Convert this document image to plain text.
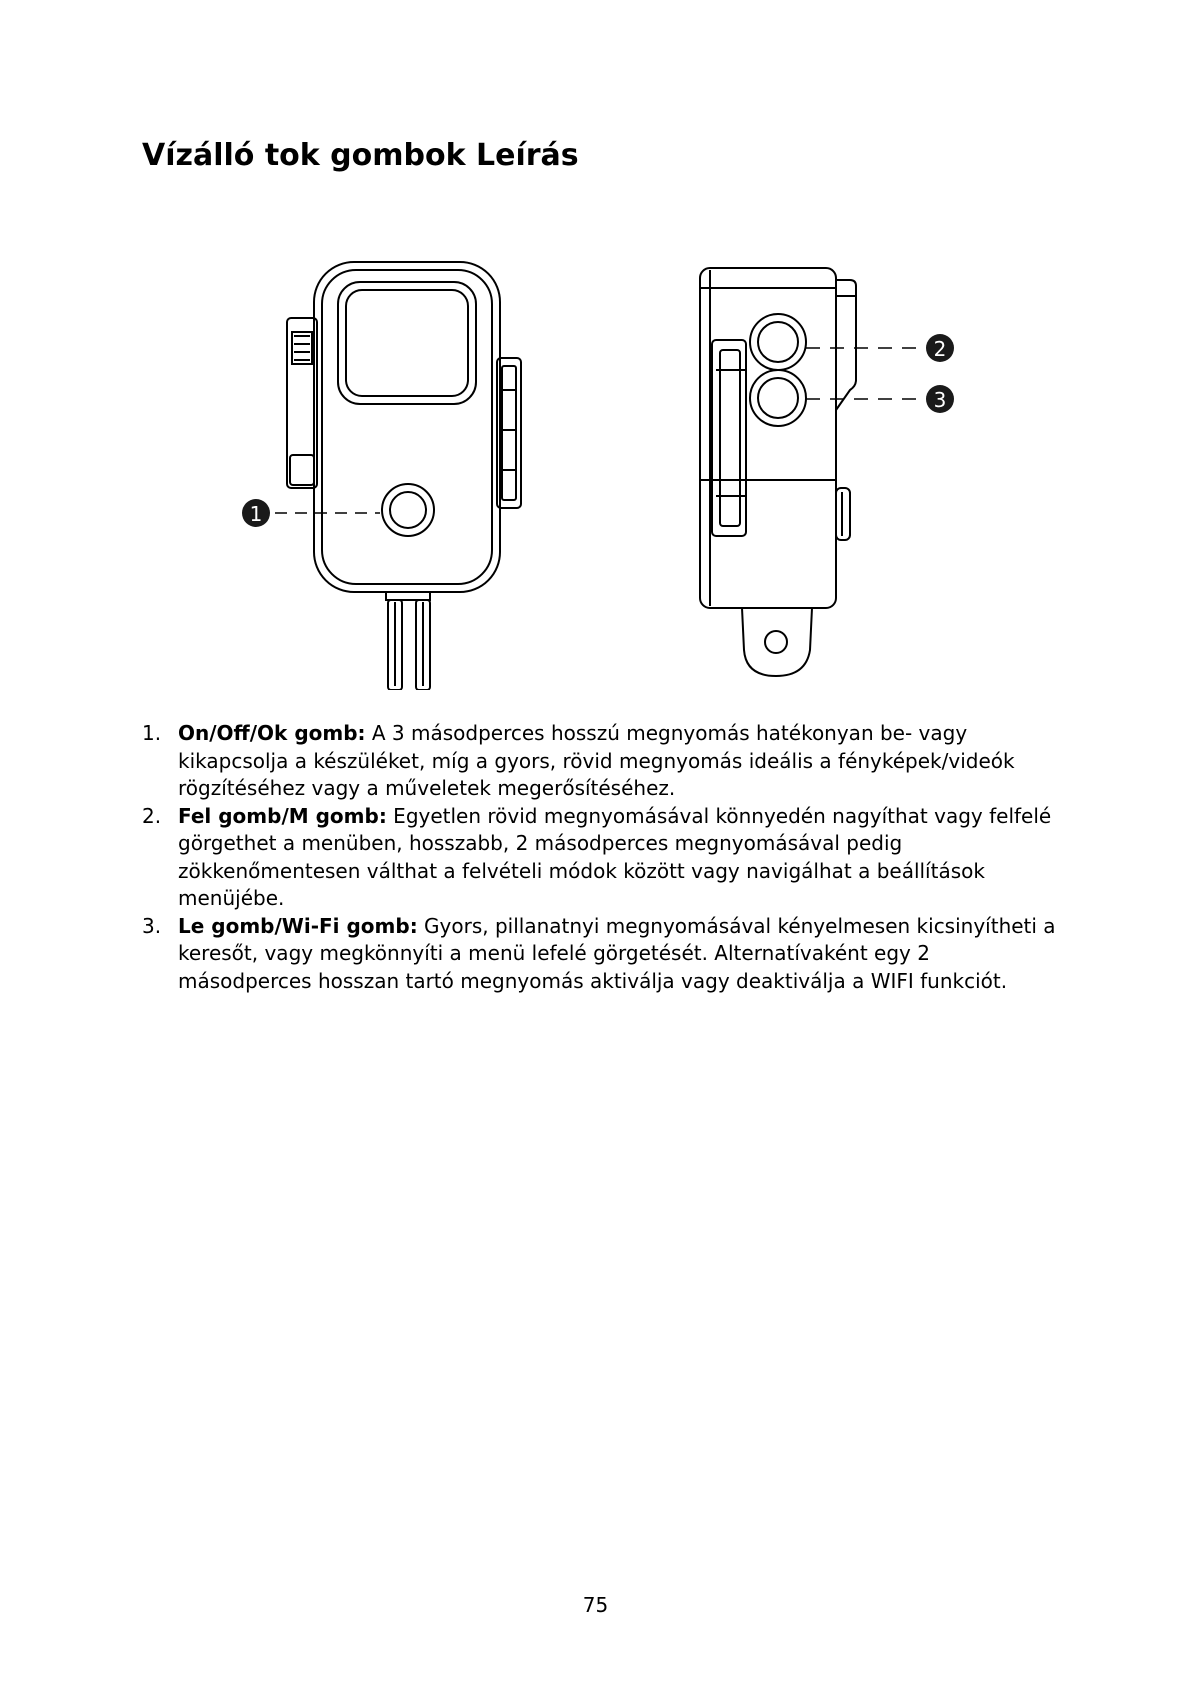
Vízálló tok gombok Leírás
1
2
3
1. On/Off/Ok gomb: A 3 másodperces hosszú megnyomás hatékonyan be- vagy kikapcsolja a készüléket, míg a gyors, rövid megnyomás ideális a fényképek/videók rögzítéséhez vagy a műveletek megerősítéséhez.
2. Fel gomb/M gomb: Egyetlen rövid megnyomásával könnyedén nagyíthat vagy felfelé görgethet a menüben, hosszabb, 2 másodperces megnyomásával pedig zökkenőmentesen válthat a felvételi módok között vagy navigálhat a beállítások menüjébe.
3. Le gomb/Wi-Fi gomb: Gyors, pillanatnyi megnyomásával kényelmesen kicsinyítheti a keresőt, vagy megkönnyíti a menü lefelé görgetését. Alternatívaként egy 2 másodperces hosszan tartó megnyomás aktiválja vagy deaktiválja a WIFI funkciót.
75
